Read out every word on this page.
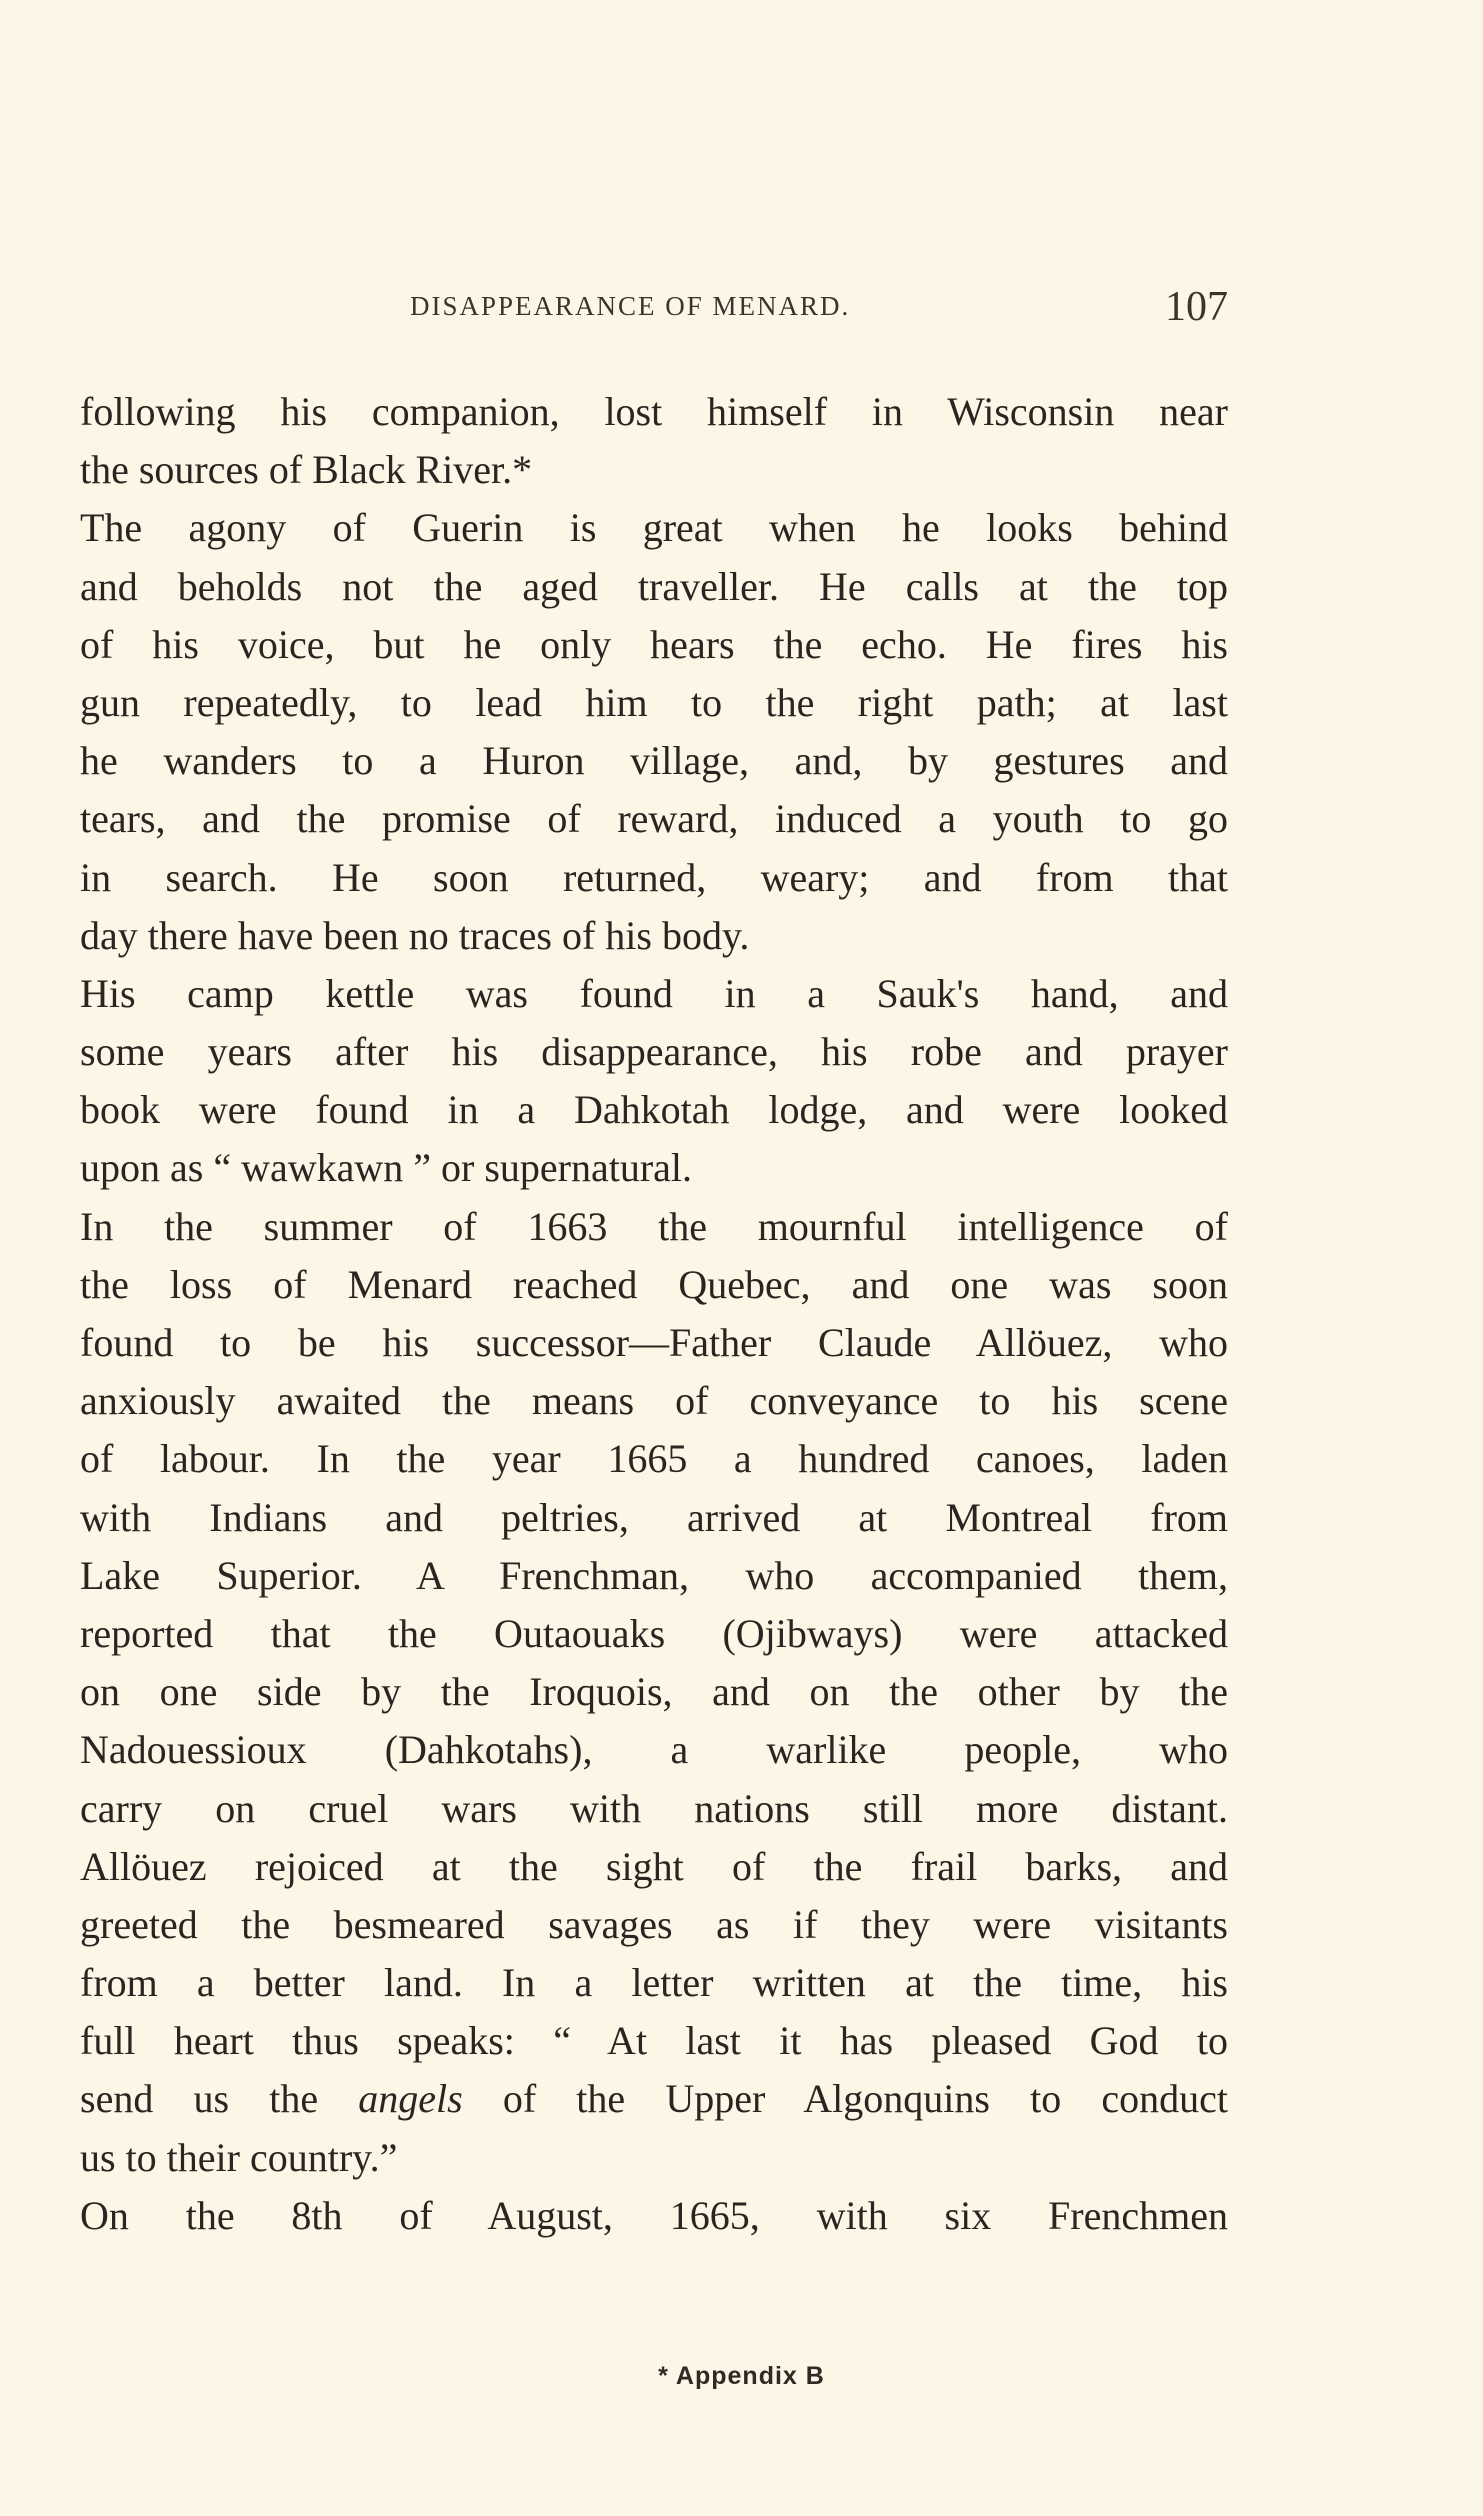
DISAPPEARANCE OF MENARD.	107
following his companion, lost himself in Wisconsin near
the sources of Black River.*
The agony of Guerin is great when he looks behind
and beholds not the aged traveller. He calls at the top
of his voice, but he only hears the echo. He fires his
gun repeatedly, to lead him to the right path; at last
he wanders to a Huron village, and, by gestures and
tears, and the promise of reward, induced a youth to go
in search. He soon returned, weary; and from that
day there have been no traces of his body.
His camp kettle was found in a Sauk's hand, and
some years after his disappearance, his robe and prayer
book were found in a Dahkotah lodge, and were looked
upon as “ wawkawn ” or supernatural.
In the summer of 1663 the mournful intelligence of
the loss of Menard reached Quebec, and one was soon
found to be his successor—Father Claude Allöuez, who
anxiously awaited the means of conveyance to his scene
of labour. In the year 1665 a hundred canoes, laden
with Indians and peltries, arrived at Montreal from
Lake Superior. A Frenchman, who accompanied them,
reported that the Outaouaks (Ojibways) were attacked
on one side by the Iroquois, and on the other by the
Nadouessioux (Dahkotahs), a warlike people, who
carry on cruel wars with nations still more distant.
Allöuez rejoiced at the sight of the frail barks, and
greeted the besmeared savages as if they were visitants
from a better land. In a letter written at the time, his
full heart thus speaks: “ At last it has pleased God to
send us the angels of the Upper Algonquins to conduct
us to their country.”
On the 8th of August, 1665, with six Frenchmen
* Appendix B
